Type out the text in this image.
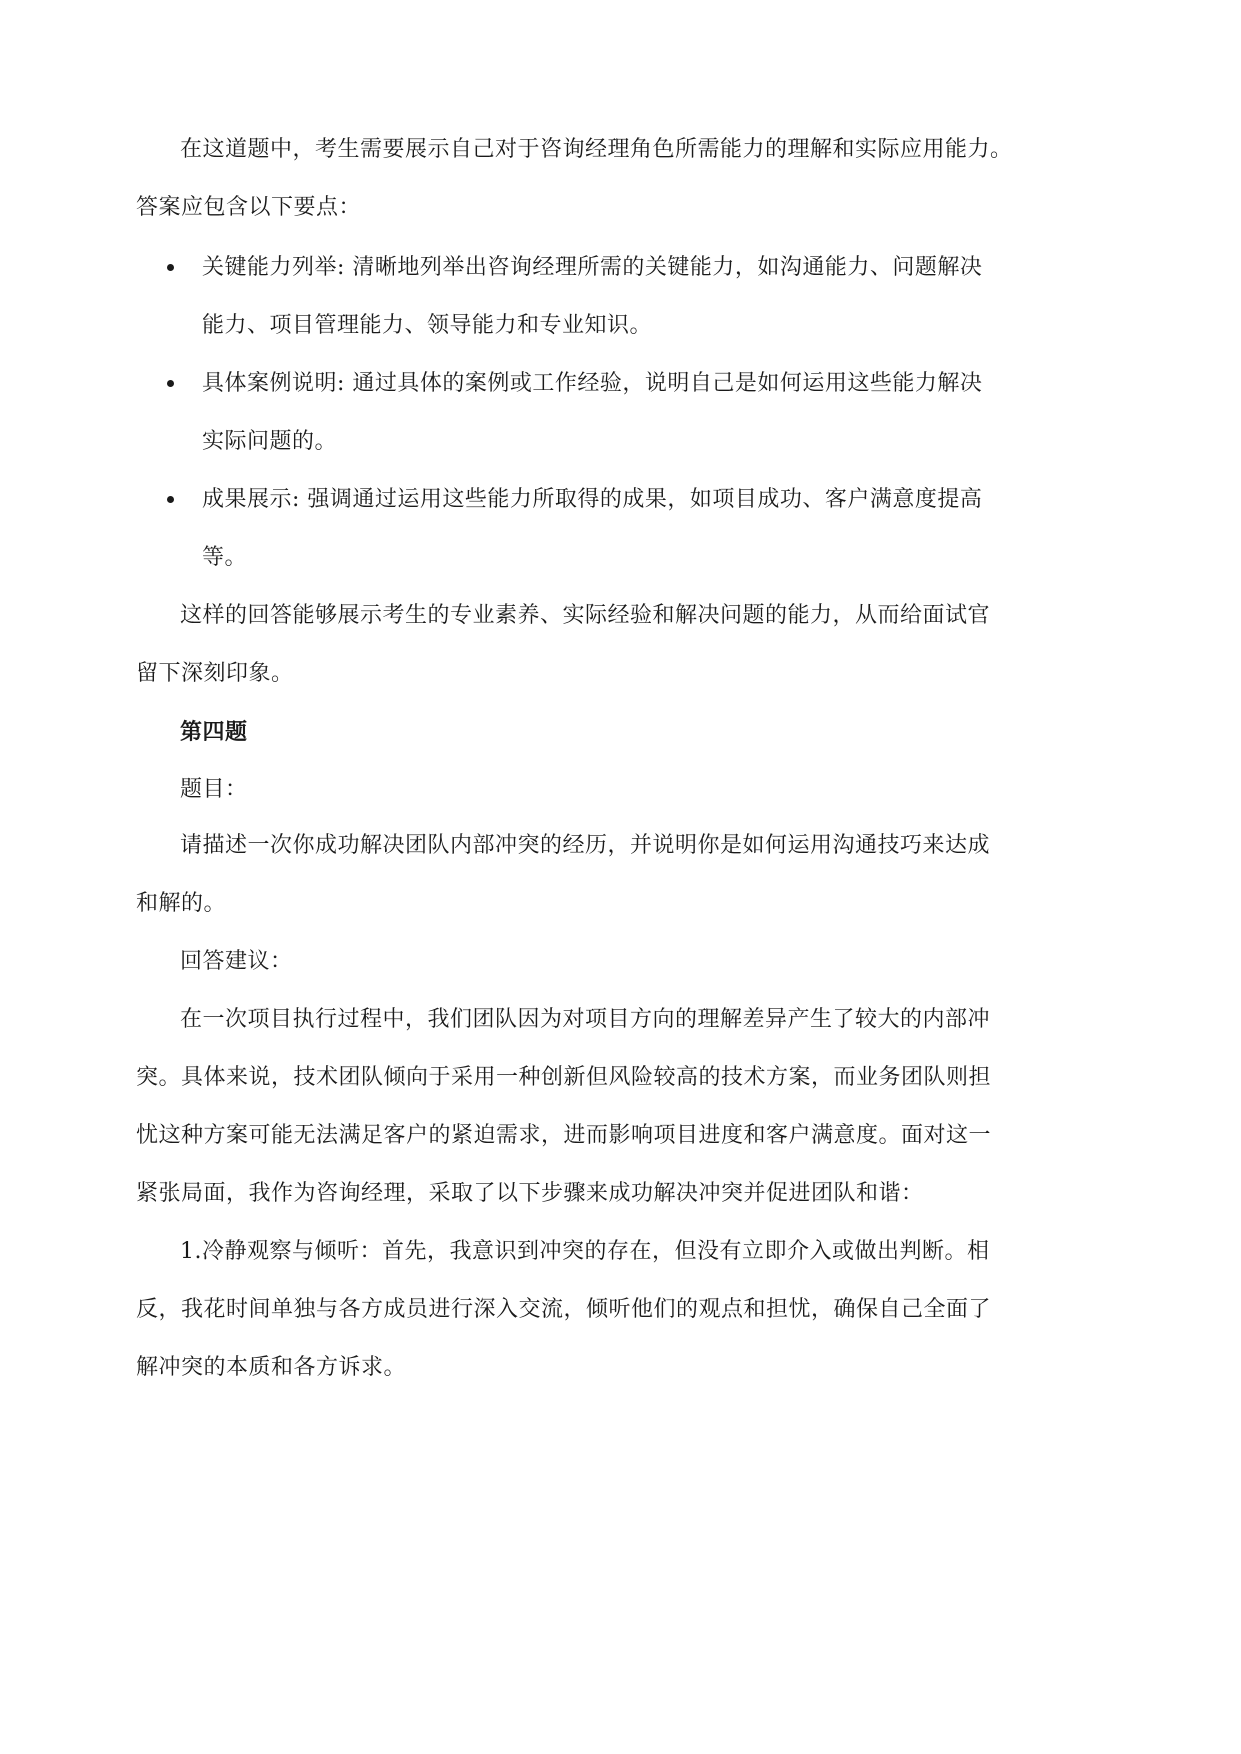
在这道题中，考生需要展示自己对于咨询经理角色所需能力的理解和实际应用能力。
答案应包含以下要点：
关键能力列举: 清晰地列举出咨询经理所需的关键能力，如沟通能力、问题解决
能力、项目管理能力、领导能力和专业知识。
具体案例说明: 通过具体的案例或工作经验，说明自己是如何运用这些能力解决
实际问题的。
成果展示: 强调通过运用这些能力所取得的成果，如项目成功、客户满意度提高
等。
这样的回答能够展示考生的专业素养、实际经验和解决问题的能力，从而给面试官
留下深刻印象。
第四题
题目：
请描述一次你成功解决团队内部冲突的经历，并说明你是如何运用沟通技巧来达成
和解的。
回答建议：
在一次项目执行过程中，我们团队因为对项目方向的理解差异产生了较大的内部冲
突。具体来说，技术团队倾向于采用一种创新但风险较高的技术方案，而业务团队则担
忧这种方案可能无法满足客户的紧迫需求，进而影响项目进度和客户满意度。面对这一
紧张局面，我作为咨询经理，采取了以下步骤来成功解决冲突并促进团队和谐：
1.冷静观察与倾听：首先，我意识到冲突的存在，但没有立即介入或做出判断。相
反，我花时间单独与各方成员进行深入交流，倾听他们的观点和担忧，确保自己全面了
解冲突的本质和各方诉求。
